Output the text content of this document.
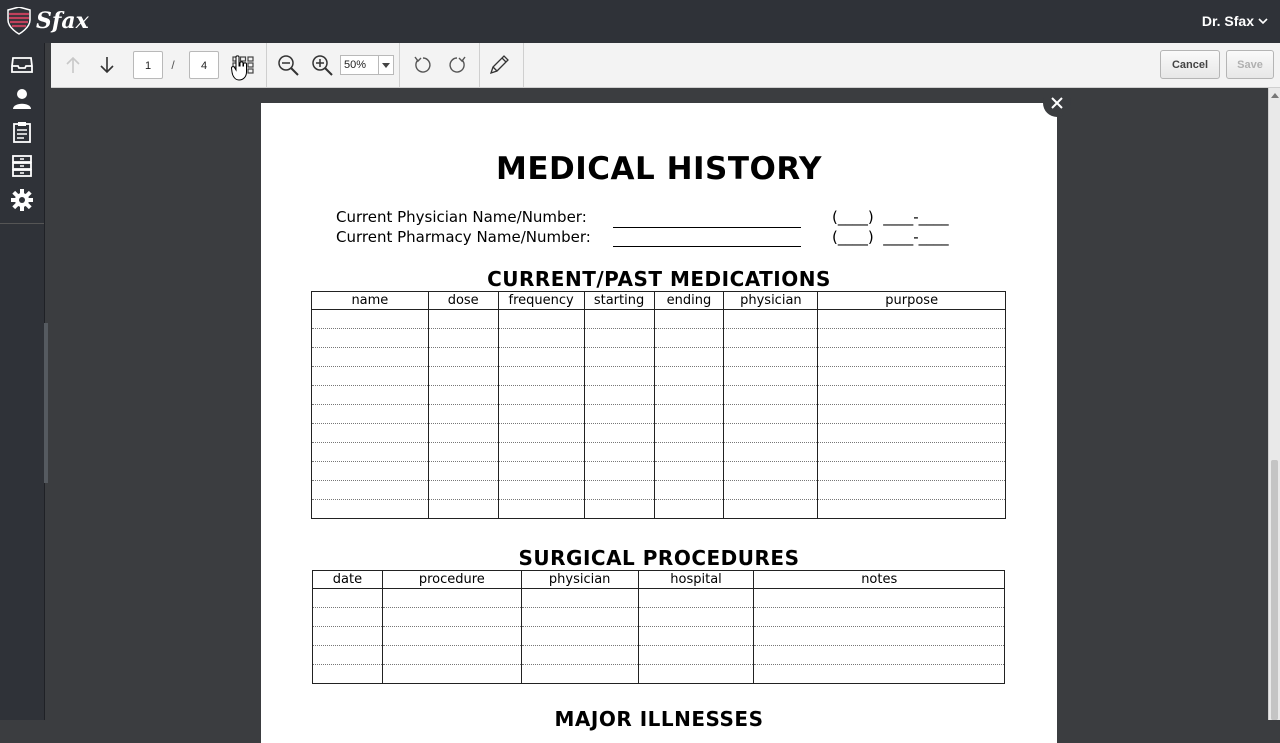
Sfax	Dr. Sfax
1	/	4	50%	Cancel	Save
MEDICAL HISTORY
Current Physician Name/Number:	(____)  ____-____
Current Pharmacy Name/Number:	(____)  ____-____
CURRENT/PAST MEDICATIONS
name	dose	frequency	starting	ending	physician	purpose

SURGICAL PROCEDURES
date	procedure	physician	hospital	notes

MAJOR ILLNESSES
